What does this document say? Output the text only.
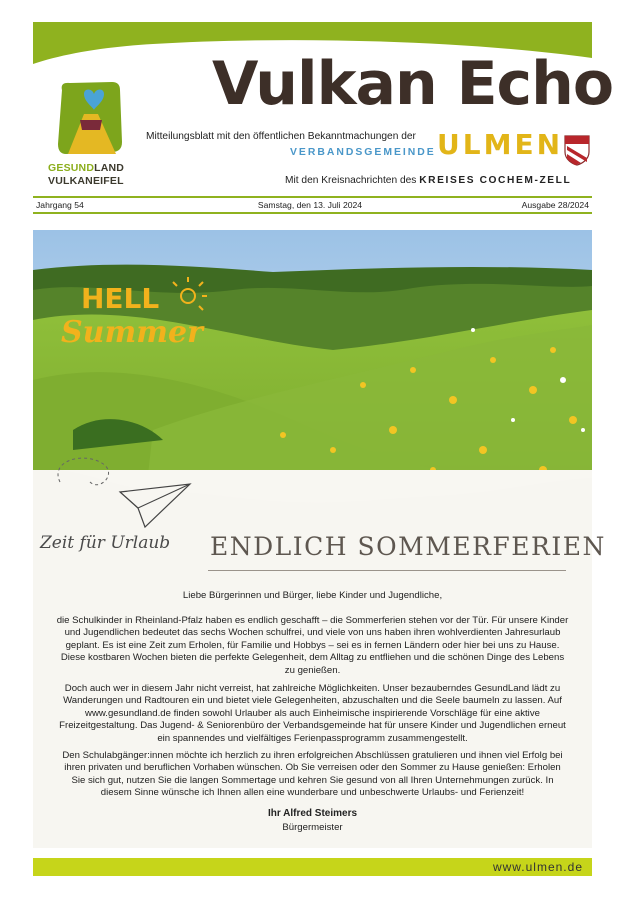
GESUNDLAND
VULKANEIFEL
Vulkan Echo
Mitteilungsblatt mit den öffentlichen Bekanntmachungen der
VERBANDSGEMEINDE ULMEN
Mit den Kreisnachrichten des KREISES COCHEM-ZELL
Jahrgang 54	Samstag, den 13. Juli 2024	Ausgabe 28/2024
HELL
Summer
Zeit für Urlaub ENDLICH SOMMERFERIEN

Liebe Bürgerinnen und Bürger, liebe Kinder und Jugendliche,

die Schulkinder in Rheinland-Pfalz haben es endlich geschafft – die Sommerferien stehen vor der Tür. Für unsere Kinder und Jugendlichen bedeutet das sechs Wochen schulfrei, und viele von uns haben ihren wohlverdienten Jahresurlaub geplant. Es ist eine Zeit zum Erholen, für Familie und Hobbys – sei es in fernen Ländern oder hier bei uns zu Hause. Diese kostbaren Wochen bieten die perfekte Gelegenheit, dem Alltag zu entfliehen und die schönen Dinge des Lebens zu genießen.

Doch auch wer in diesem Jahr nicht verreist, hat zahlreiche Möglichkeiten. Unser bezauberndes GesundLand lädt zu Wanderungen und Radtouren ein und bietet viele Gelegenheiten, abzuschalten und die Seele baumeln zu lassen. Auf www.gesundland.de finden sowohl Urlauber als auch Einheimische inspirierende Vorschläge für eine aktive Freizeitgestaltung. Das Jugend- & Seniorenbüro der Verbandsgemeinde hat für unsere Kinder und Jugendlichen erneut ein spannendes und vielfältiges Ferienpassprogramm zusammengestellt.

Den Schulabgänger:innen möchte ich herzlich zu ihren erfolgreichen Abschlüssen gratulieren und ihnen viel Erfolg bei ihren privaten und beruflichen Vorhaben wünschen. Ob Sie verreisen oder den Sommer zu Hause genießen: Erholen Sie sich gut, nutzen Sie die langen Sommertage und kehren Sie gesund von all Ihren Unternehmungen zurück. In diesem Sinne wünsche ich Ihnen allen eine wunderbare und unbeschwerte Urlaubs- und Ferienzeit!

Ihr Alfred Steimers
Bürgermeister
www.ulmen.de
